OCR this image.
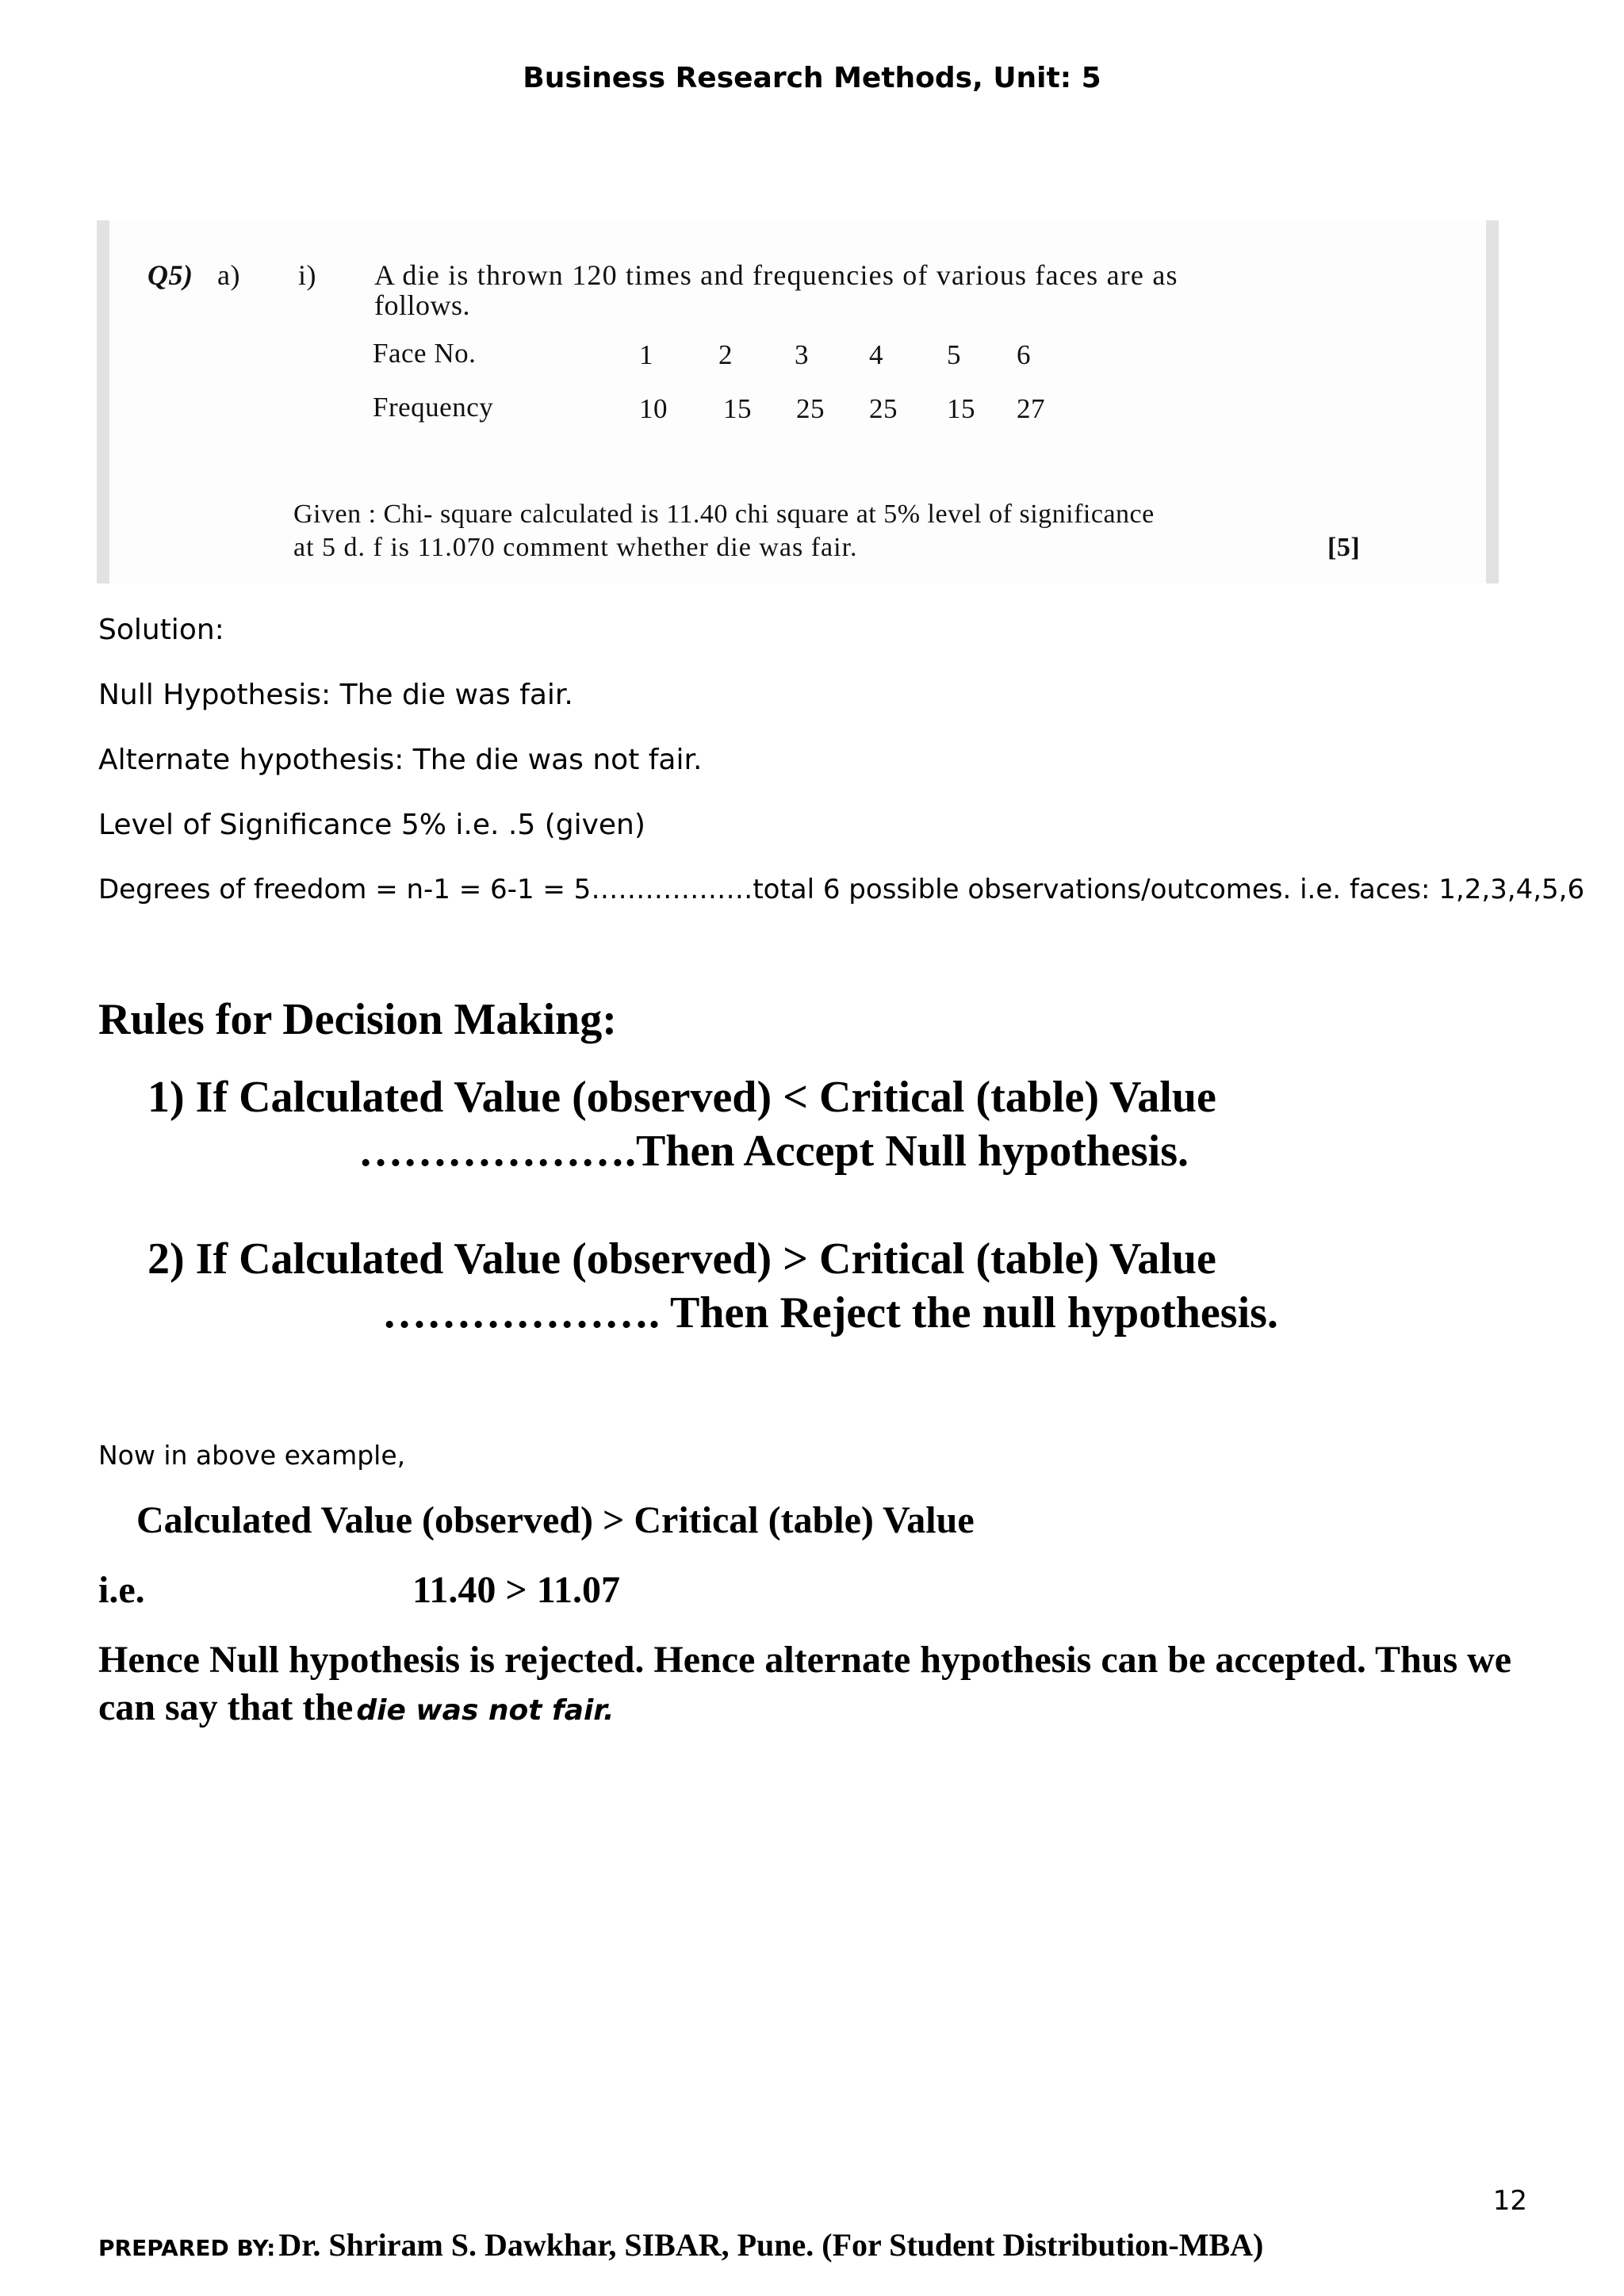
Business Research Methods, Unit: 5
Q5) a) i) A die is thrown 120 times and frequencies of various faces are as
follows.
Face No.	1 2 3 4 5 6
Frequency	10 15 25 25 15 27
Given : Chi- square calculated is 11.40 chi square at 5% level of significance
at 5 d. f is 11.070 comment whether die was fair.	[5]
Solution:
Null Hypothesis: The die was fair.
Alternate hypothesis: The die was not fair.
Level of Significance 5% i.e. .5 (given)
Degrees of freedom = n-1 = 6-1 = 5………………total 6 possible observations/outcomes. i.e. faces: 1,2,3,4,5,6
Rules for Decision Making:
1) If Calculated Value (observed) < Critical (table) Value
……………….Then Accept Null hypothesis.
2) If Calculated Value (observed) > Critical (table) Value
………………. Then Reject the null hypothesis.
Now in above example,
Calculated Value (observed) > Critical (table) Value
i.e.	11.40 > 11.07
Hence Null hypothesis is rejected. Hence alternate hypothesis can be accepted. Thus we
can say that the die was not fair.
12
PREPARED BY: Dr. Shriram S. Dawkhar, SIBAR, Pune. (For Student Distribution-MBA)
